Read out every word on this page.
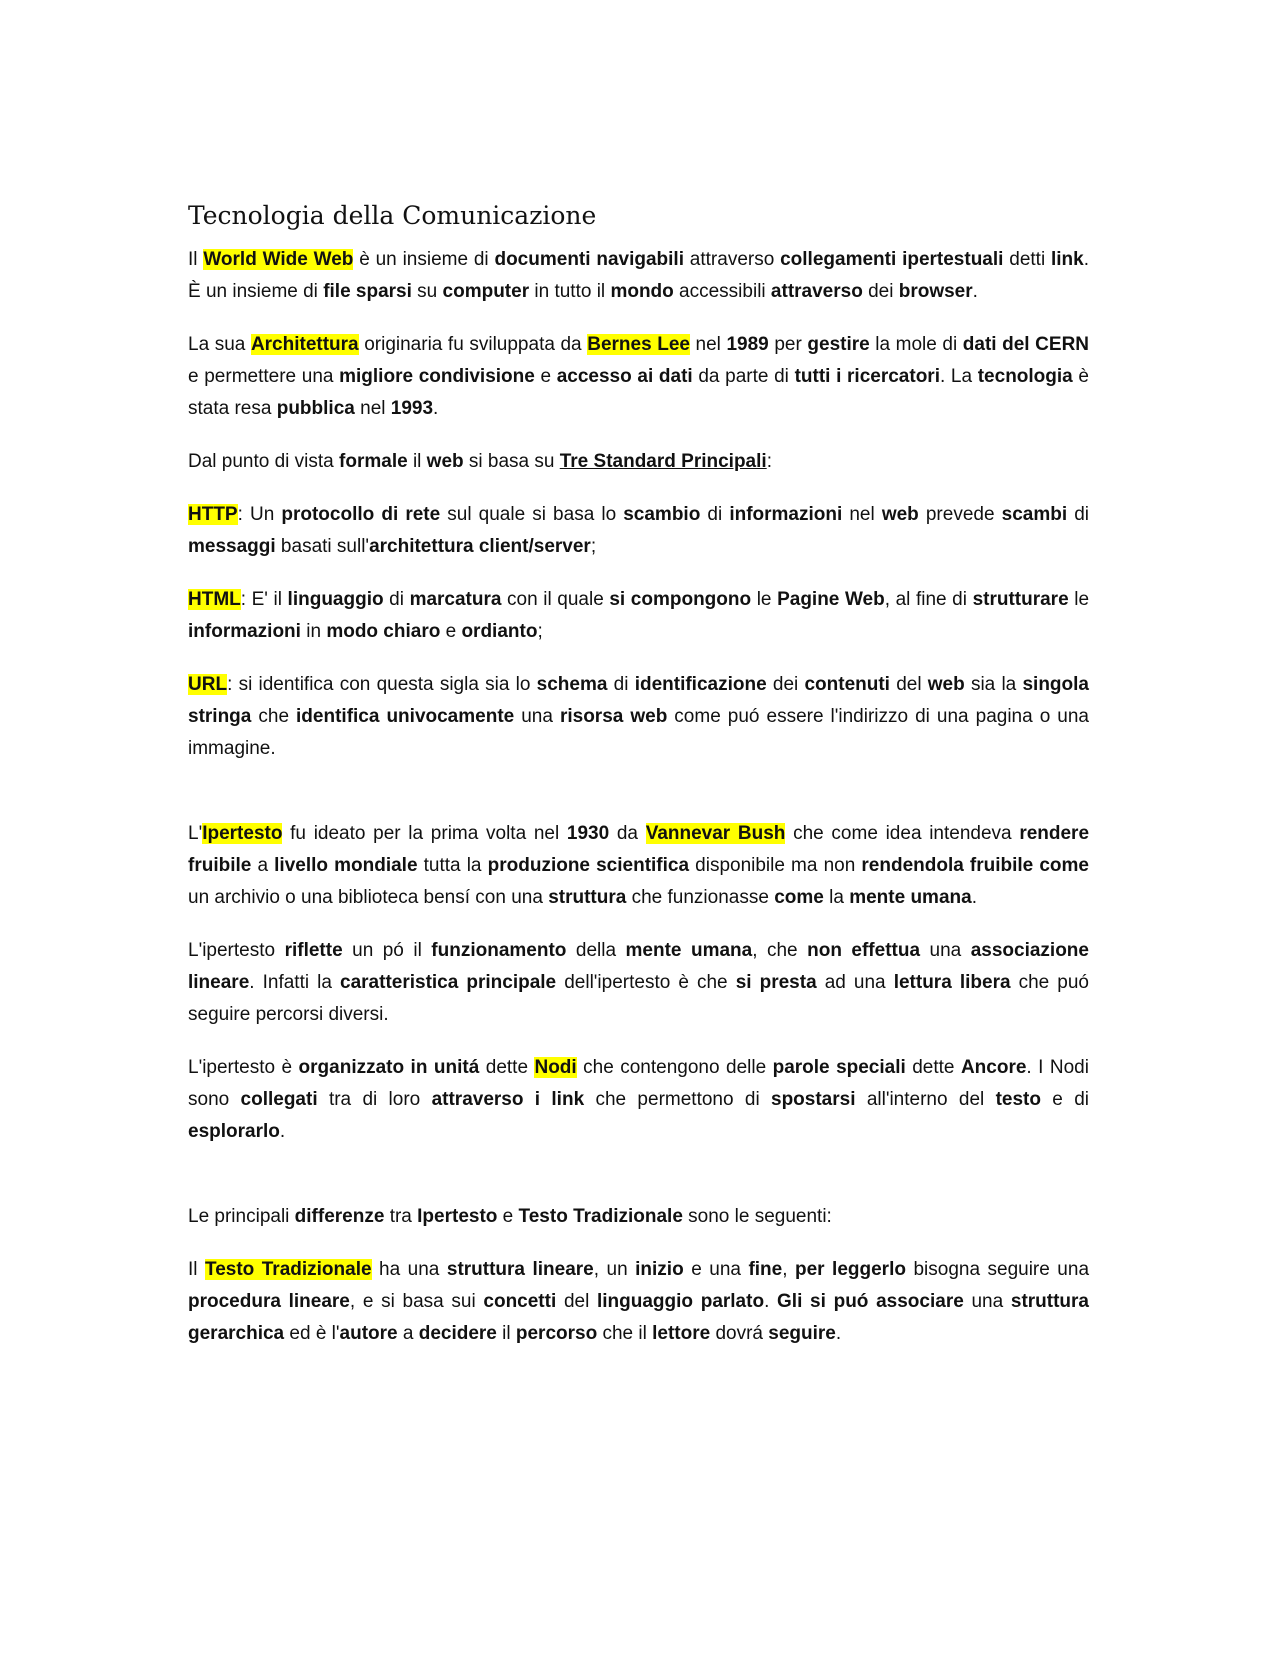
Tecnologia della Comunicazione

Il World Wide Web è un insieme di documenti navigabili attraverso collegamenti ipertestuali detti link. È un insieme di file sparsi su computer in tutto il mondo accessibili attraverso dei browser.

La sua Architettura originaria fu sviluppata da Bernes Lee nel 1989 per gestire la mole di dati del CERN e permettere una migliore condivisione e accesso ai dati da parte di tutti i ricercatori. La tecnologia è stata resa pubblica nel 1993.

Dal punto di vista formale il web si basa su Tre Standard Principali:

HTTP: Un protocollo di rete sul quale si basa lo scambio di informazioni nel web prevede scambi di messaggi basati sull'architettura client/server;

HTML: E' il linguaggio di marcatura con il quale si compongono le Pagine Web, al fine di strutturare le informazioni in modo chiaro e ordianto;

URL: si identifica con questa sigla sia lo schema di identificazione dei contenuti del web sia la singola stringa che identifica univocamente una risorsa web come puó essere l'indirizzo di una pagina o una immagine.

L'Ipertesto fu ideato per la prima volta nel 1930 da Vannevar Bush che come idea intendeva rendere fruibile a livello mondiale tutta la produzione scientifica disponibile ma non rendendola fruibile come un archivio o una biblioteca bensí con una struttura che funzionasse come la mente umana.

L'ipertesto riflette un pó il funzionamento della mente umana, che non effettua una associazione lineare. Infatti la caratteristica principale dell'ipertesto è che si presta ad una lettura libera che puó seguire percorsi diversi.

L'ipertesto è organizzato in unitá dette Nodi che contengono delle parole speciali dette Ancore. I Nodi sono collegati tra di loro attraverso i link che permettono di spostarsi all'interno del testo e di esplorarlo.

Le principali differenze tra Ipertesto e Testo Tradizionale sono le seguenti:

Il Testo Tradizionale ha una struttura lineare, un inizio e una fine, per leggerlo bisogna seguire una procedura lineare, e si basa sui concetti del linguaggio parlato. Gli si puó associare una struttura gerarchica ed è l'autore a decidere il percorso che il lettore dovrá seguire.
